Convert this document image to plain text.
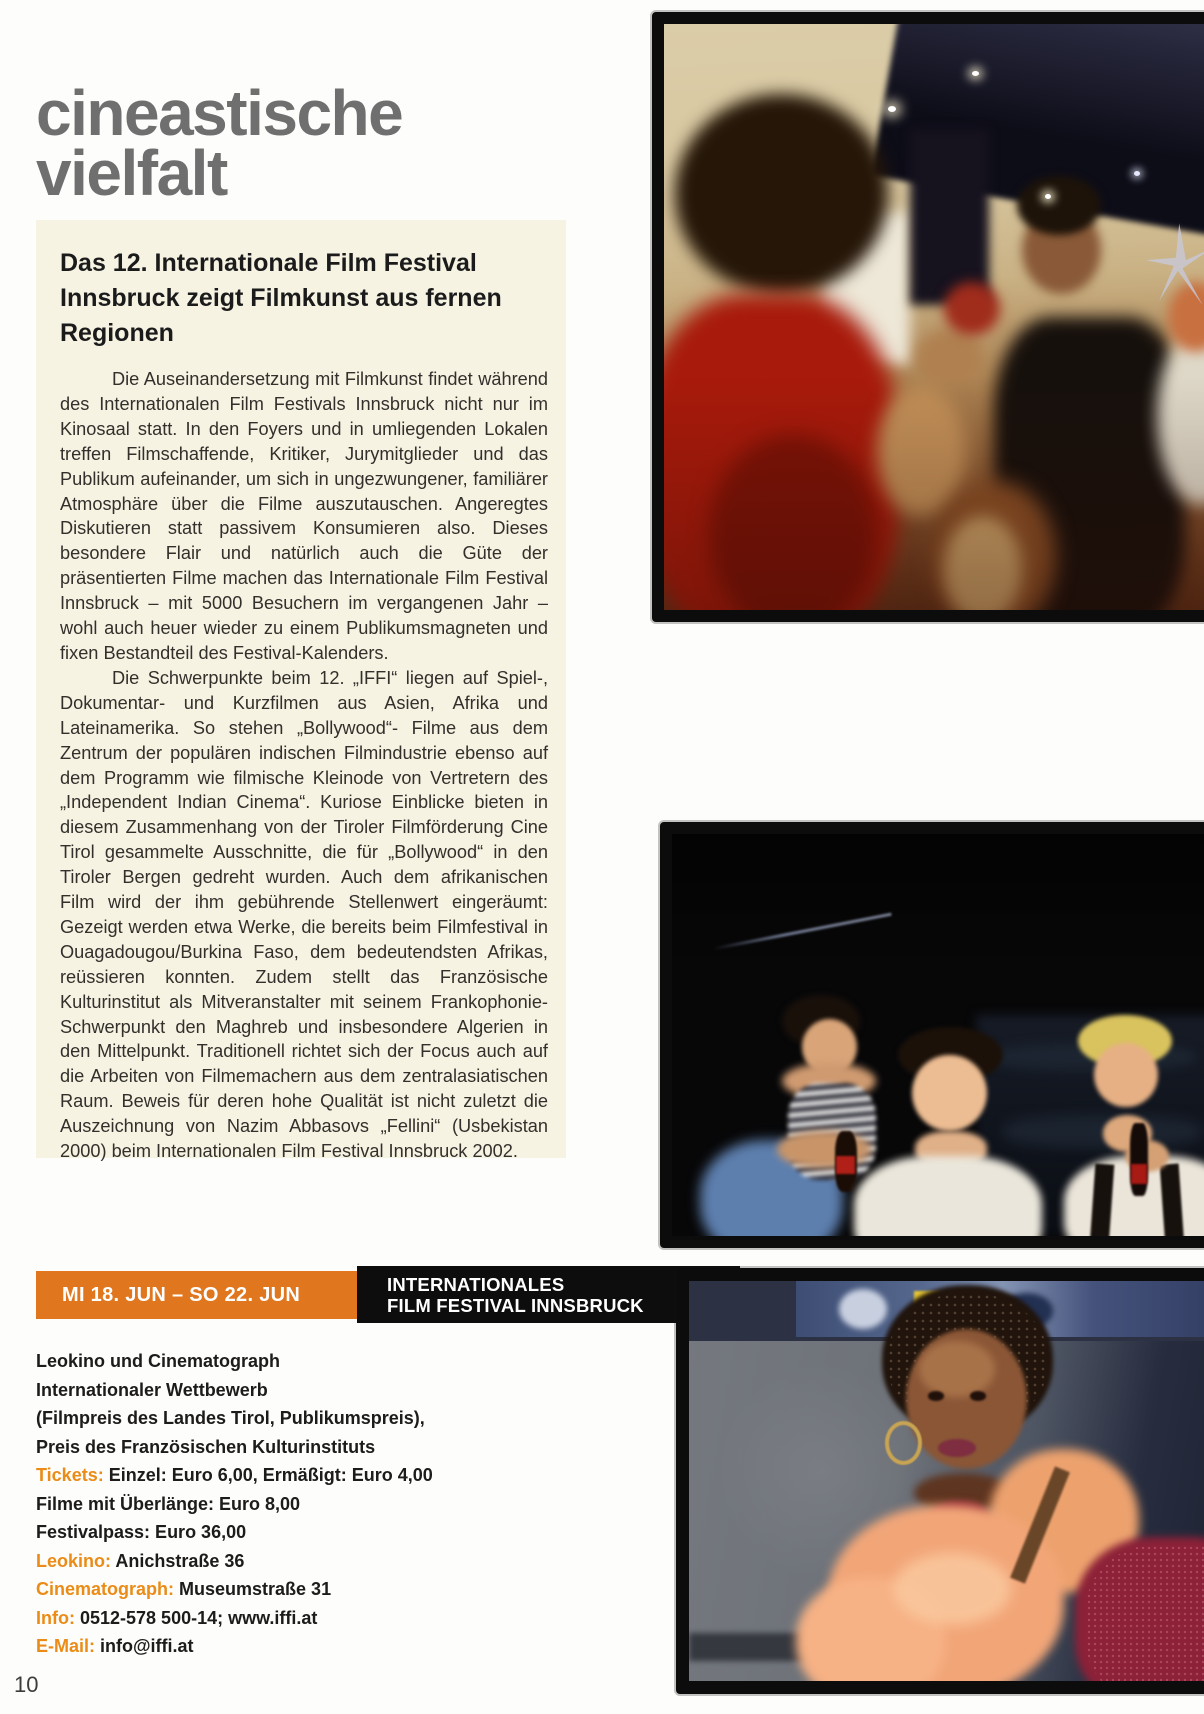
cineastische
vielfalt
Das 12. Internationale Film Festival Innsbruck zeigt Filmkunst aus fernen Regionen

Die Auseinandersetzung mit Filmkunst findet während des Internationalen Film Festivals Innsbruck nicht nur im Kinosaal statt. In den Foyers und in umliegenden Lokalen treffen Filmschaffende, Kritiker, Jurymitglieder und das Publikum aufeinander, um sich in ungezwungener, familiärer Atmosphäre über die Filme auszutauschen. Angeregtes Diskutieren statt passivem Konsumieren also. Dieses besondere Flair und natürlich auch die Güte der präsentierten Filme machen das Internationale Film Festival Innsbruck – mit 5000 Besuchern im vergangenen Jahr – wohl auch heuer wieder zu einem Publikumsmagneten und fixen Bestandteil des Festival-Kalenders.

Die Schwerpunkte beim 12. „IFFI“ liegen auf Spiel-, Dokumentar- und Kurzfilmen aus Asien, Afrika und Lateinamerika. So stehen „Bollywood“- Filme aus dem Zentrum der populären indischen Filmindustrie ebenso auf dem Programm wie filmische Kleinode von Vertretern des „Independent Indian Cinema“. Kuriose Einblicke bieten in diesem Zusammenhang von der Tiroler Filmförderung Cine Tirol gesammelte Ausschnitte, die für „Bollywood“ in den Tiroler Bergen gedreht wurden. Auch dem afrikanischen Film wird der ihm gebührende Stellenwert eingeräumt: Gezeigt werden etwa Werke, die bereits beim Filmfestival in Ouagadougou/Burkina Faso, dem bedeutendsten Afrikas, reüssieren konnten. Zudem stellt das Französische Kulturinstitut als Mitveranstalter mit seinem Frankophonie-Schwerpunkt den Maghreb und insbesondere Algerien in den Mittelpunkt. Traditionell richtet sich der Focus auch auf die Arbeiten von Filmemachern aus dem zentralasiatischen Raum. Beweis für deren hohe Qualität ist nicht zuletzt die Auszeichnung von Nazim Abbasovs „Fellini“ (Usbekistan 2000) beim Internationalen Film Festival Innsbruck 2002.

MI 18. JUN – SO 22. JUN	INTERNATIONALES
FILM FESTIVAL INNSBRUCK
Leokino und Cinematograph
Internationaler Wettbewerb
(Filmpreis des Landes Tirol, Publikumspreis),
Preis des Französischen Kulturinstituts
Tickets: Einzel: Euro 6,00, Ermäßigt: Euro 4,00
Filme mit Überlänge: Euro 8,00
Festivalpass: Euro 36,00
Leokino: Anichstraße 36
Cinematograph: Museumstraße 31
Info: 0512-578 500-14; www.iffi.at
E-Mail: info@iffi.at
10
